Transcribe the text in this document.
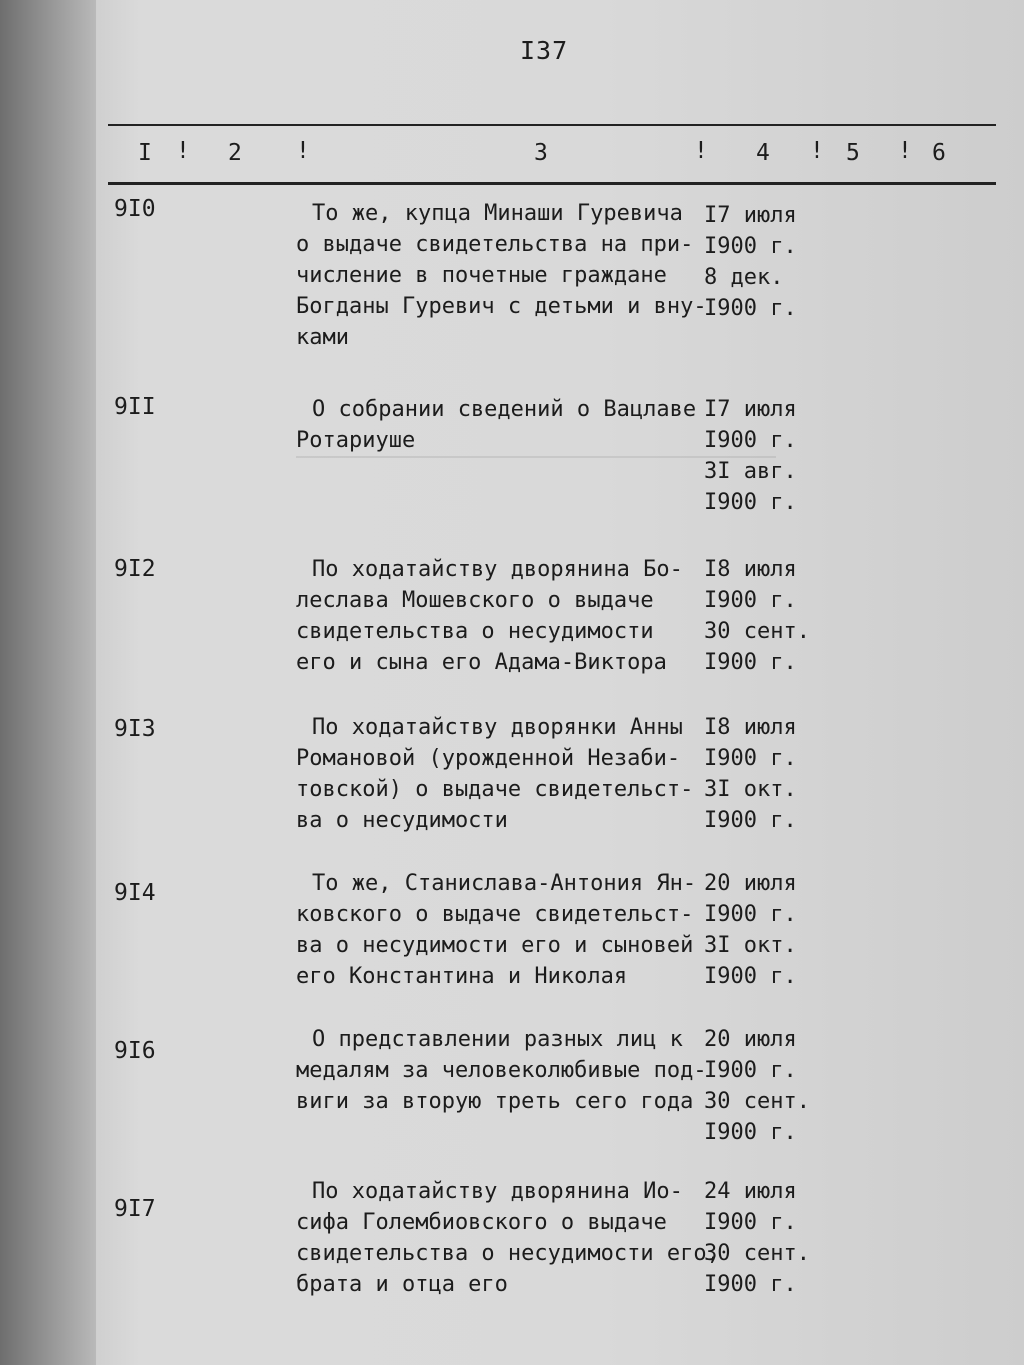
I37
I ! 2 !	3	! 4 ! 5 ! 6
9I0	То же, купца Минаши Гуревича
о выдаче свидетельства на при-
числение в почетные граждане
Богданы Гуревич с детьми и вну-
ками
I7 июля
I900 г.
8 дек.
I900 г.
9II	О собрании сведений о Вацлаве
Ротариуше
I7 июля
I900 г.
3I авг.
I900 г.
9I2	По ходатайству дворянина Бо-
леслава Мошевского о выдаче
свидетельства о несудимости
его и сына его Адама-Виктора
I8 июля
I900 г.
30 сент.
I900 г.
9I3	По ходатайству дворянки Анны
Романовой (урожденной Незаби-
товской) о выдаче свидетельст-
ва о несудимости
I8 июля
I900 г.
3I окт.
I900 г.
9I4	То же, Станислава-Антония Ян-
ковского о выдаче свидетельст-
ва о несудимости его и сыновей
его Константина и Николая
20 июля
I900 г.
3I окт.
I900 г.
9I6	О представлении разных лиц к
медалям за человеколюбивые под-
виги за вторую треть сего года
20 июля
I900 г.
30 сент.
I900 г.
9I7
По ходатайству дворянина Ио-
сифа Голембиовского о выдаче
свидетельства о несудимости его,
брата и отца его
24 июля
I900 г.
30 сент.
I900 г.
